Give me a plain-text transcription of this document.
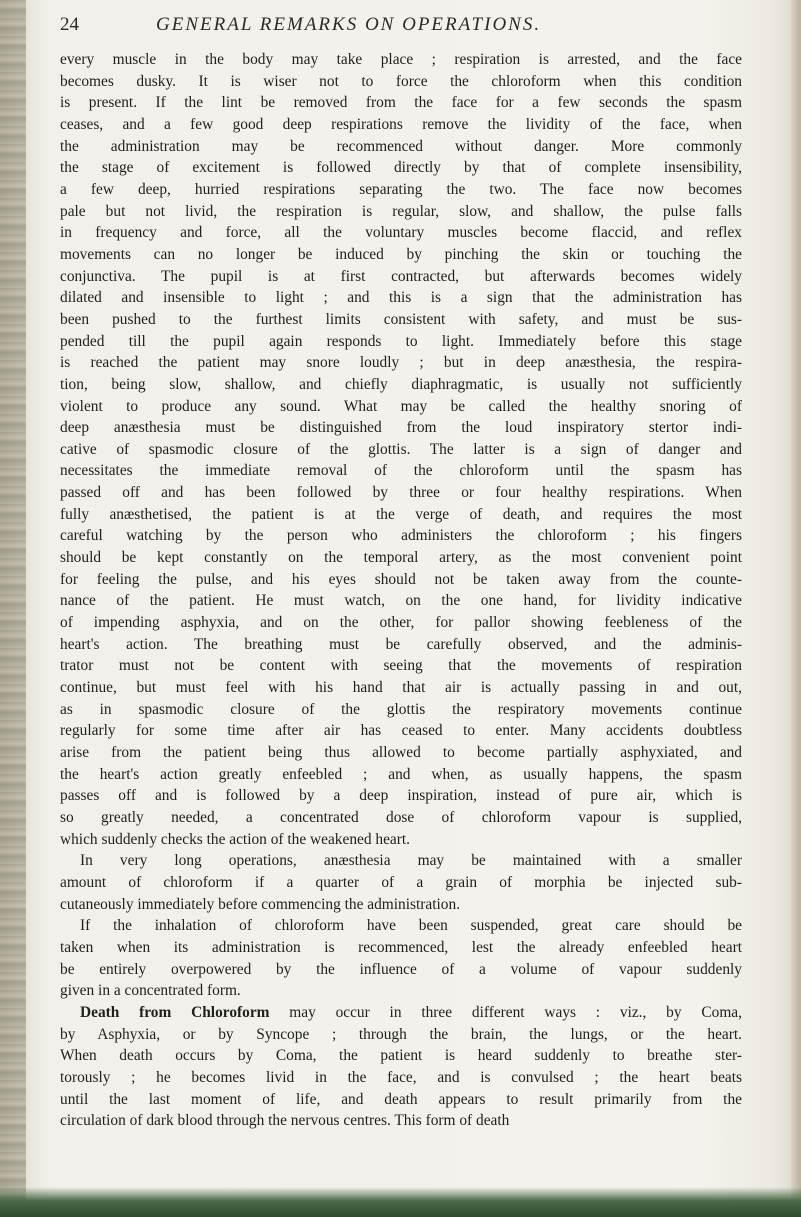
24	GENERAL REMARKS ON OPERATIONS.
every muscle in the body may take place ; respiration is arrested, and the face
becomes dusky. It is wiser not to force the chloroform when this condition
is present. If the lint be removed from the face for a few seconds the spasm
ceases, and a few good deep respirations remove the lividity of the face, when
the administration may be recommenced without danger. More commonly
the stage of excitement is followed directly by that of complete insensibility,
a few deep, hurried respirations separating the two. The face now becomes
pale but not livid, the respiration is regular, slow, and shallow, the pulse falls
in frequency and force, all the voluntary muscles become flaccid, and reflex
movements can no longer be induced by pinching the skin or touching the
conjunctiva. The pupil is at first contracted, but afterwards becomes widely
dilated and insensible to light ; and this is a sign that the administration has
been pushed to the furthest limits consistent with safety, and must be sus-
pended till the pupil again responds to light. Immediately before this stage
is reached the patient may snore loudly ; but in deep anæsthesia, the respira-
tion, being slow, shallow, and chiefly diaphragmatic, is usually not sufficiently
violent to produce any sound. What may be called the healthy snoring of
deep anæsthesia must be distinguished from the loud inspiratory stertor indi-
cative of spasmodic closure of the glottis. The latter is a sign of danger and
necessitates the immediate removal of the chloroform until the spasm has
passed off and has been followed by three or four healthy respirations. When
fully anæsthetised, the patient is at the verge of death, and requires the most
careful watching by the person who administers the chloroform ; his fingers
should be kept constantly on the temporal artery, as the most convenient point
for feeling the pulse, and his eyes should not be taken away from the counte-
nance of the patient. He must watch, on the one hand, for lividity indicative
of impending asphyxia, and on the other, for pallor showing feebleness of the
heart's action. The breathing must be carefully observed, and the adminis-
trator must not be content with seeing that the movements of respiration
continue, but must feel with his hand that air is actually passing in and out,
as in spasmodic closure of the glottis the respiratory movements continue
regularly for some time after air has ceased to enter. Many accidents doubtless
arise from the patient being thus allowed to become partially asphyxiated, and
the heart's action greatly enfeebled ; and when, as usually happens, the spasm
passes off and is followed by a deep inspiration, instead of pure air, which is
so greatly needed, a concentrated dose of chloroform vapour is supplied,
which suddenly checks the action of the weakened heart.
In very long operations, anæsthesia may be maintained with a smaller
amount of chloroform if a quarter of a grain of morphia be injected sub-
cutaneously immediately before commencing the administration.
If the inhalation of chloroform have been suspended, great care should be
taken when its administration is recommenced, lest the already enfeebled heart
be entirely overpowered by the influence of a volume of vapour suddenly
given in a concentrated form.
Death from Chloroform may occur in three different ways : viz., by Coma,
by Asphyxia, or by Syncope ; through the brain, the lungs, or the heart.
When death occurs by Coma, the patient is heard suddenly to breathe ster-
torously ; he becomes livid in the face, and is convulsed ; the heart beats
until the last moment of life, and death appears to result primarily from the
circulation of dark blood through the nervous centres. This form of death
